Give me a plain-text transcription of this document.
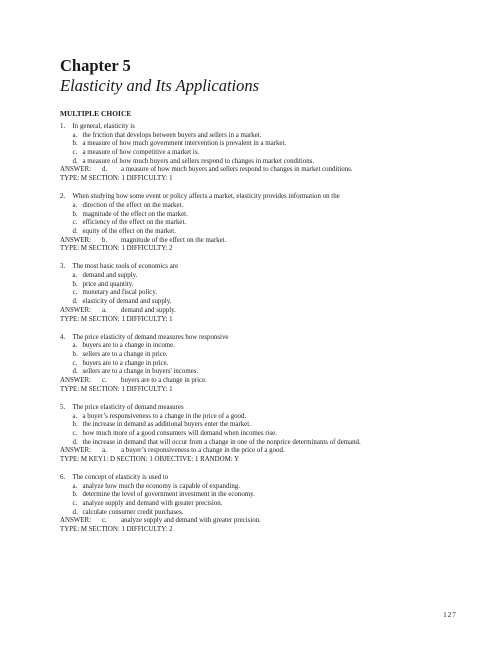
Chapter 5
Elasticity and Its Applications
MULTIPLE CHOICE
1. In general, elasticity is
a. the friction that develops between buyers and sellers in a market.
b. a measure of how much government intervention is prevalent in a market.
c. a measure of how competitive a market is.
d. a measure of how much buyers and sellers respond to changes in market conditions.
ANSWER: d. a measure of how much buyers and sellers respond to changes in market conditions.
TYPE: M SECTION: 1 DIFFICULTY: 1
2. When studying how some event or policy affects a market, elasticity provides information on the
a. direction of the effect on the market.
b. magnitude of the effect on the market.
c. efficiency of the effect on the market.
d. equity of the effect on the market.
ANSWER: b. magnitude of the effect on the market.
TYPE: M SECTION: 1 DIFFICULTY: 2
3. The most basic tools of economics are
a. demand and supply.
b. price and quantity.
c. monetary and fiscal policy.
d. elasticity of demand and supply.
ANSWER: a. demand and supply.
TYPE: M SECTION: 1 DIFFICULTY: 1
4. The price elasticity of demand measures how responsive
a. buyers are to a change in income.
b. sellers are to a change in price.
c. buyers are to a change in price.
d. sellers are to a change in buyers' incomes.
ANSWER: c. buyers are to a change in price.
TYPE: M SECTION: 1 DIFFICULTY: 1
5. The price elasticity of demand measures
a. a buyer’s responsiveness to a change in the price of a good.
b. the increase in demand as additional buyers enter the market.
c. how much more of a good consumers will demand when incomes rise.
d. the increase in demand that will occur from a change in one of the nonprice determinants of demand.
ANSWER: a. a buyer’s responsiveness to a change in the price of a good.
TYPE: M KEY1: D SECTION: 1 OBJECTIVE: 1 RANDOM: Y
6. The concept of elasticity is used to
a. analyze how much the economy is capable of expanding.
b. determine the level of government investment in the economy.
c. analyze supply and demand with greater precision.
d. calculate consumer credit purchases.
ANSWER: c. analyze supply and demand with greater precision.
TYPE: M SECTION: 1 DIFFICULTY: 2
127
